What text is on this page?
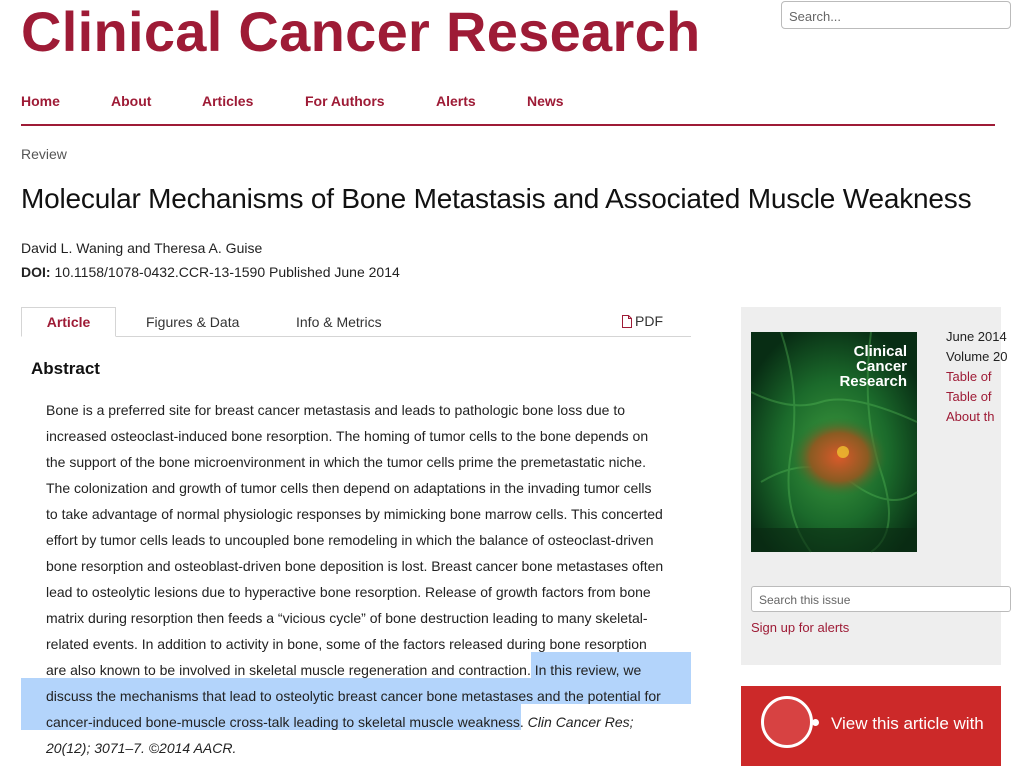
Clinical Cancer Research
Search...
Home	About	Articles	For Authors	Alerts	News
Review
Molecular Mechanisms of Bone Metastasis and Associated Muscle Weakness
David L. Waning and Theresa A. Guise
DOI: 10.1158/1078-0432.CCR-13-1590 Published June 2014
Article	Figures & Data	Info & Metrics	PDF
Abstract
Bone is a preferred site for breast cancer metastasis and leads to pathologic bone loss due to
increased osteoclast-induced bone resorption. The homing of tumor cells to the bone depends on
the support of the bone microenvironment in which the tumor cells prime the premetastatic niche.
The colonization and growth of tumor cells then depend on adaptations in the invading tumor cells
to take advantage of normal physiologic responses by mimicking bone marrow cells. This concerted
effort by tumor cells leads to uncoupled bone remodeling in which the balance of osteoclast-driven
bone resorption and osteoblast-driven bone deposition is lost. Breast cancer bone metastases often
lead to osteolytic lesions due to hyperactive bone resorption. Release of growth factors from bone
matrix during resorption then feeds a “vicious cycle” of bone destruction leading to many skeletal-
related events. In addition to activity in bone, some of the factors released during bone resorption
are also known to be involved in skeletal muscle regeneration and contraction. In this review, we
discuss the mechanisms that lead to osteolytic breast cancer bone metastases and the potential for
cancer-induced bone-muscle cross-talk leading to skeletal muscle weakness. Clin Cancer Res;
20(12); 3071–7. ©2014 AACR.
Clinical
Cancer
Research
June 2014
Volume 20
Table of
Table of
About th
Search this issue
Sign up for alerts
View this article with
